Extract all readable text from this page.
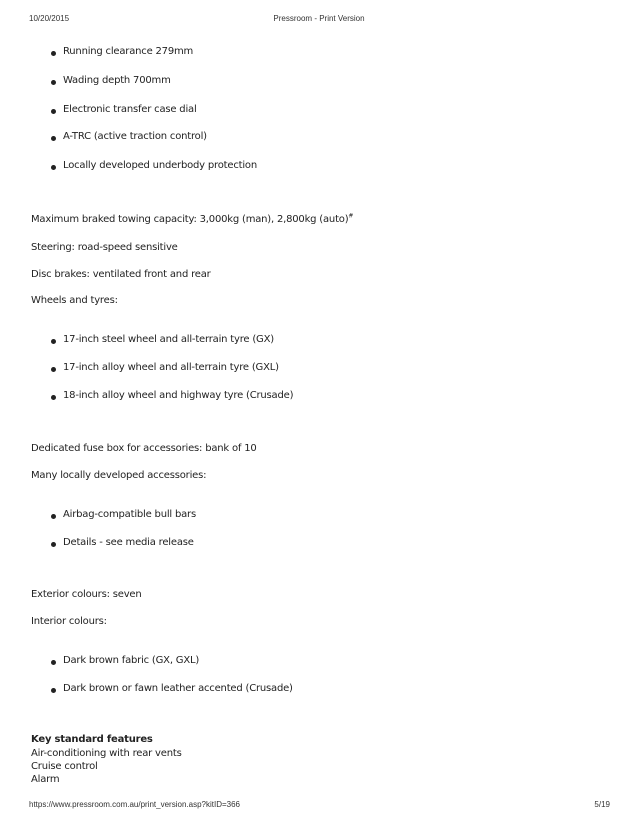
10/20/2015	Pressroom - Print Version
Running clearance 279mm
Wading depth 700mm
Electronic transfer case dial
A-TRC (active traction control)
Locally developed underbody protection
Maximum braked towing capacity: 3,000kg (man), 2,800kg (auto)#
Steering: road-speed sensitive
Disc brakes: ventilated front and rear
Wheels and tyres:
17-inch steel wheel and all-terrain tyre (GX)
17-inch alloy wheel and all-terrain tyre (GXL)
18-inch alloy wheel and highway tyre (Crusade)
Dedicated fuse box for accessories: bank of 10
Many locally developed accessories:
Airbag-compatible bull bars
Details - see media release
Exterior colours: seven
Interior colours:
Dark brown fabric (GX, GXL)
Dark brown or fawn leather accented (Crusade)
Key standard features
Air-conditioning with rear vents
Cruise control
Alarm
https://www.pressroom.com.au/print_version.asp?kitID=366	5/19
